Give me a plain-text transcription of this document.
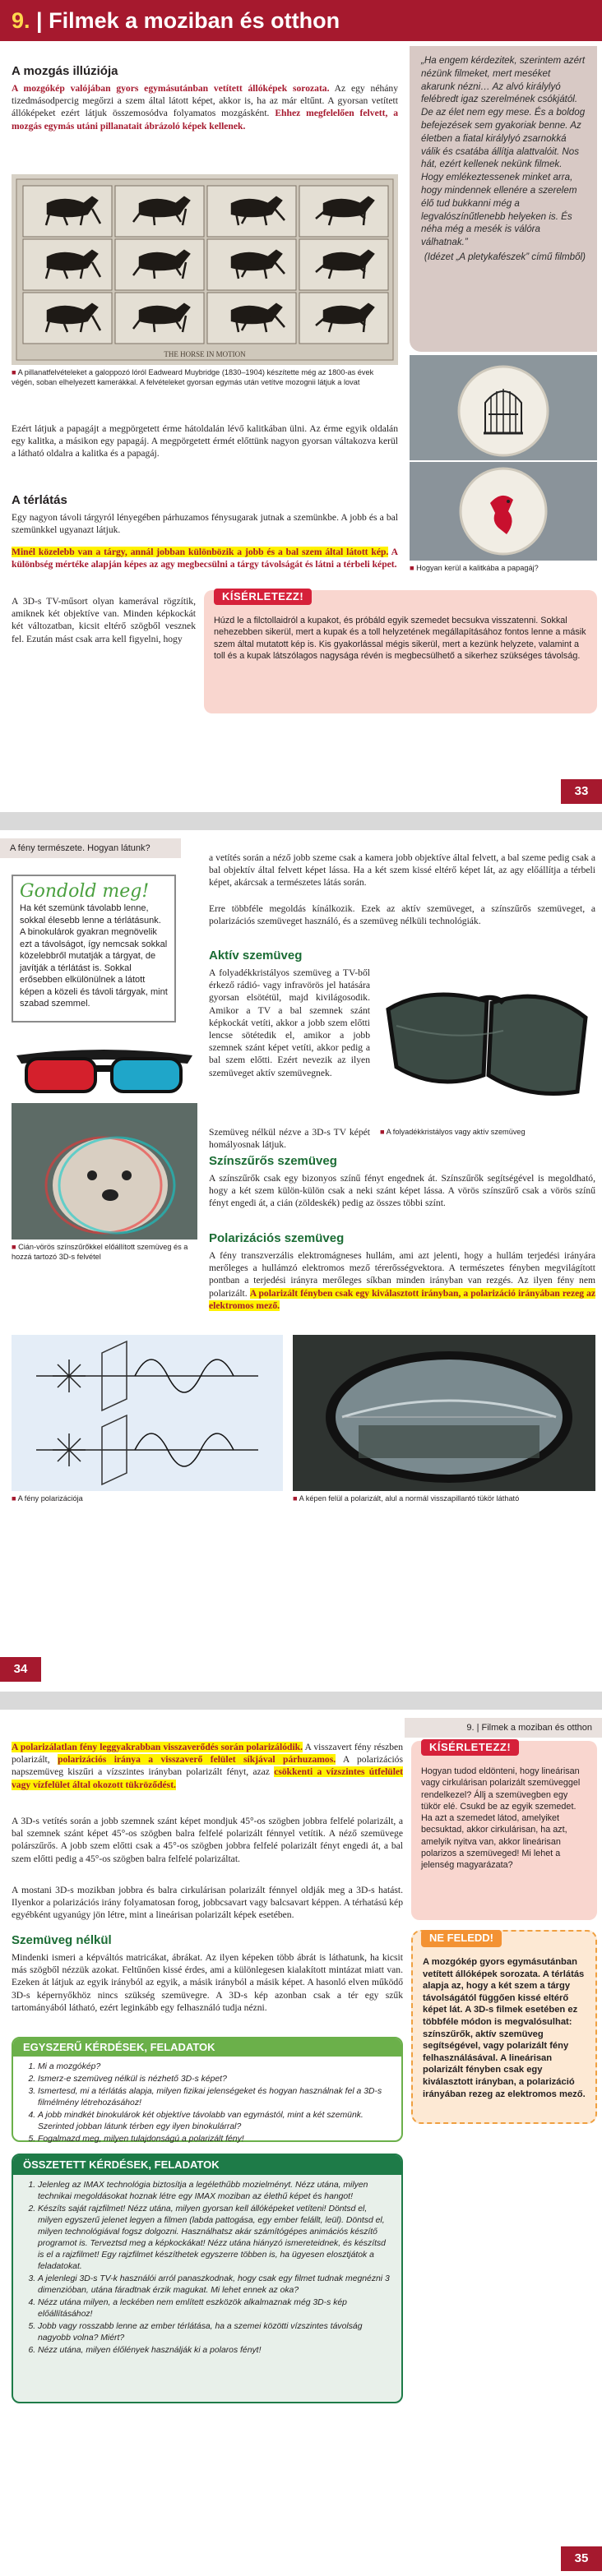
9. | Filmek a moziban és otthon
A mozgás illúziója
A mozgókép valójában gyors egymásutánban vetített állóképek sorozata. Az egy néhány tizedmásodpercig megőrzi a szem által látott képet, akkor is, ha az már eltűnt. A gyorsan vetített állóképeket ezért látjuk összemosódva folyamatos mozgásként. Ehhez megfelelően felvett, a mozgás egymás utáni pillanatait ábrázoló képek kellenek.
„Ha engem kérdezitek, szerintem azért nézünk filmeket, mert meséket akarunk nézni… Az alvó királylyó felébredt igaz szerelmének csókjától. De az élet nem egy mese. És a boldog befejezések sem gyakoriak benne. Az életben a fiatal királylyó zsarnokká válik és csatába állítja alattvalóit. Nos hát, ezért kellenek nekünk filmek. Hogy emlékeztessenek minket arra, hogy mindennek ellenére a szerelem élő tud bukkanni még a legvalószínűtlenebb helyeken is. És néha még a mesék is válóra válhatnak.”
(Idézet „A pletykafészek” című filmből)
THE HORSE IN MOTION
■ A pillanatfelvételeket a galoppozó lóról Eadweard Muybridge (1830–1904) készítette még az 1800-as évek végén, soban elhelyezett kamerákkal. A felvételeket gyorsan egymás után vetítve mozognii látjuk a lovat
■ Hogyan kerül a kalitkába a papagáj?
Ezért látjuk a papagájt a megpörgetett érme hátoldalán lévő kalitkában ülni. Az érme egyik oldalán egy kalitka, a másikon egy papagáj. A megpörgetett érmét előttünk nagyon gyorsan váltakozva kerül a látható oldalra a kalitka és a papagáj.
A térlátás
Egy nagyon távoli tárgyról lényegében párhuzamos fénysugarak jutnak a szemünkbe. A jobb és a bal szemünkkel ugyanazt látjuk.
Minél közelebb van a tárgy, annál jobban különbözik a jobb és a bal szem által látott kép. A különbség mértéke alapján képes az agy megbecsülni a tárgy távolságát és látni a térbeli képet.
A 3D-s TV-műsort olyan kamerával rögzítik, amiknek két objektíve van. Minden képkockát két változatban, kicsit eltérő szögből vesznek fel. Ezután mást csak arra kell figyelni, hogy
KÍSÉRLETEZZ!
Húzd le a filctollaidról a kupakot, és próbáld egyik szemedet becsukva visszatenni. Sokkal nehezebben sikerül, mert a kupak és a toll helyzetének megállapításához fontos lenne a másik szem által mutatott kép is. Kis gyakorlással mégis sikerül, mert a kezünk helyzete, valamint a toll és a kupak látszólagos nagysága révén is megbecsülhető a sikerhez szükséges távolság.
33
A fény természete. Hogyan látunk?
Gondold meg!
Ha két szemünk távolabb lenne, sokkal élesebb lenne a térlátásunk. A binokulárok gyakran megnövelik ezt a távolságot, így nemcsak sokkal közelebbről mutatják a tárgyat, de javítják a térlátást is. Sokkal erősebben elkülönülnek a látott képen a közeli és távoli tárgyak, mint szabad szemmel.
■ Cián-vörös színszűrőkkel előállított szemüveg és a hozzá tartozó 3D-s felvétel
a vetítés során a néző jobb szeme csak a kamera jobb objektíve által felvett, a bal szeme pedig csak a bal objektív által felvett képet lássa. Ha a két szem kissé eltérő képet lát, az agy előállítja a térbeli képet, akárcsak a természetes látás során.
Erre többféle megoldás kínálkozik. Ezek az aktív szemüveget, a színszűrős szemüveget, a polarizációs szemüveget használó, és a szemüveg nélküli technológiák.
Aktív szemüveg
A folyadékkristályos szemüveg a TV-ből érkező rádió- vagy infravörös jel hatására gyorsan elsötétül, majd kivilágosodik. Amikor a TV a bal szemnek szánt képkockát vetíti, akkor a jobb szem előtti lencse sötétedik el, amikor a jobb szemnek szánt képet vetíti, akkor pedig a bal szem előtti. Ezért nevezik az ilyen szemüveget aktív szemüvegnek.
Szemüveg nélkül nézve a 3D-s TV képét homályosnak látjuk.
■ A folyadékkristályos vagy aktív szemüveg
Színszűrős szemüveg
A színszűrők csak egy bizonyos színű fényt engednek át. Színszűrők segítségével is megoldható, hogy a két szem külön-külön csak a neki szánt képet lássa. A vörös színszűrő csak a vörös színű fényt engedi át, a cián (zöldeskék) pedig az összes többi színt.
Polarizációs szemüveg
A fény transzverzális elektromágneses hullám, ami azt jelenti, hogy a hullám terjedési irányára merőleges a hullámzó elektromos mező térerősségvektora. A természetes fényben megvilágított pontban a terjedési irányra merőleges síkban minden irányban van rezgés. Az ilyen fény nem polarizált. A polarizált fényben csak egy kiválasztott irányban, a polarizáció irányában rezeg az elektromos mező.
■ A fény polarizációja
■	A képen felül a polarizált, alul a normál visszapillantó tükör látható
34
9. | Filmek a moziban és otthon
A polarizálatlan fény leggyakrabban visszaverődés során polarizálódik. A visszavert fény részben polarizált, polarizációs iránya a visszaverő felület síkjával párhuzamos. A polarizációs napszemüveg kiszűri a vízszintes irányban polarizált fényt, azaz csökkenti a vízszintes útfelület vagy vízfelület által okozott tükröződést.
A 3D-s vetítés során a jobb szemnek szánt képet mondjuk 45°-os szögben jobbra felfelé polarizált, a bal szemnek szánt képet 45°-os szögben balra felfelé polarizált fénnyel vetítik. A néző szemüvege polárszűrős. A jobb szem előtti csak a 45°-os szögben jobbra felfelé polarizált fényt engedi át, a bal szem előtti pedig a 45°-os szögben balra felfelé polarizáltat.
A mostani 3D-s mozikban jobbra és balra cirkulárisan polarizált fénnyel oldják meg a 3D-s hatást. Ilyenkor a polarizációs irány folyamatosan forog, jobbcsavart vagy balcsavart képpen. A térhatású kép egyébként ugyanúgy jön létre, mint a lineárisan polarizált képek esetében.
Szemüveg nélkül
Mindenki ismeri a képváltós matricákat, ábrákat. Az ilyen képeken több ábrát is láthatunk, ha kicsit más szögből nézzük azokat. Feltűnően kissé érdes, ami a különlegesen kialakított mintázat miatt van. Ezeken át látjuk az egyik irányból az egyik, a másik irányból a másik képet. A hasonló elven működő 3D-s képernyőkhöz nincs szükség szemüvegre. A 3D-s kép azonban csak a tér egy szűk tartományából látható, ezért leginkább egy felhasználó tudja nézni.
KÍSÉRLETEZZ!
Hogyan tudod eldönteni, hogy lineárisan vagy cirkulárisan polarizált szemüveggel rendelkezel? Állj a szemüvegben egy tükör elé. Csukd be az egyik szemedet. Ha azt a szemedet látod, amelyiket becsuktad, akkor cirkulárisan, ha azt, amelyik nyitva van, akkor lineárisan polarizos a szemüveged! Mi lehet a jelenség magyarázata?
NE FELEDD!
A mozgókép gyors egymásutánban vetített állóképek sorozata. A térlátás alapja az, hogy a két szem a tárgy távolságától függően kissé eltérő képet lát. A 3D-s filmek esetében ez többféle módon is megvalósulhat: színszűrők, aktív szemüveg segítségével, vagy polarizált fény felhasználásával. A lineárisan polarizált fényben csak egy kiválasztott irányban, a polarizáció irányában rezeg az elektromos mező.
EGYSZERŰ KÉRDÉSEK, FELADATOK
1. Mi a mozgókép?
2. Ismerz-e szemüveg nélkül is nézhető 3D-s képet?
3. Ismertesd, mi a térlátás alapja, milyen fizikai jelenségeket és hogyan használnak fel a 3D-s filmélmény létrehozásához!
4. A jobb mindkét binokulárok két objektíve távolabb van egymástól, mint a két szemünk. Szerinted jobban látunk térben egy ilyen binokulárral?
5. Fogalmazd meg, milyen tulajdonságú a polarizált fény!
ÖSSZETETT KÉRDÉSEK, FELADATOK
1. Jelenleg az IMAX technológia biztosítja a legélethűbb mozielményt. Nézz utána, milyen technikai megoldásokat hoznak létre egy IMAX moziban az élethű képet és hangot!
2. Készíts saját rajzfilmet! Nézz utána, milyen gyorsan kell állóképeket vetíteni! Döntsd el, milyen egyszerű jelenet legyen a filmen (labda pattogása, egy ember felállt, leül). Döntsd el, milyen technológiával fogsz dolgozni. Használhatsz akár számítógépes animációs készítő programot is. Terveztsd meg a képkockákat! Nézz utána hiányzó ismereteidnek, és készítsd is el a rajzfilmet! Egy rajzfilmet készíthetek egyszerre többen is, ha ügyesen elosztjátok a feladatokat.
3. A jelenlegi 3D-s TV-k használói arról panaszkodnak, hogy csak egy filmet tudnak megnézni 3 dimenzióban, utána fáradtnak érzik magukat. Mi lehet ennek az oka?
4. Nézz utána milyen, a leckében nem említett eszközök alkalmaznak még 3D-s kép előállításához!
5. Jobb vagy rosszabb lenne az ember térlátása, ha a szemei közötti vízszintes távolság nagyobb volna? Miért?
6. Nézz utána, milyen élőlények használják ki a polaros fényt!
35
